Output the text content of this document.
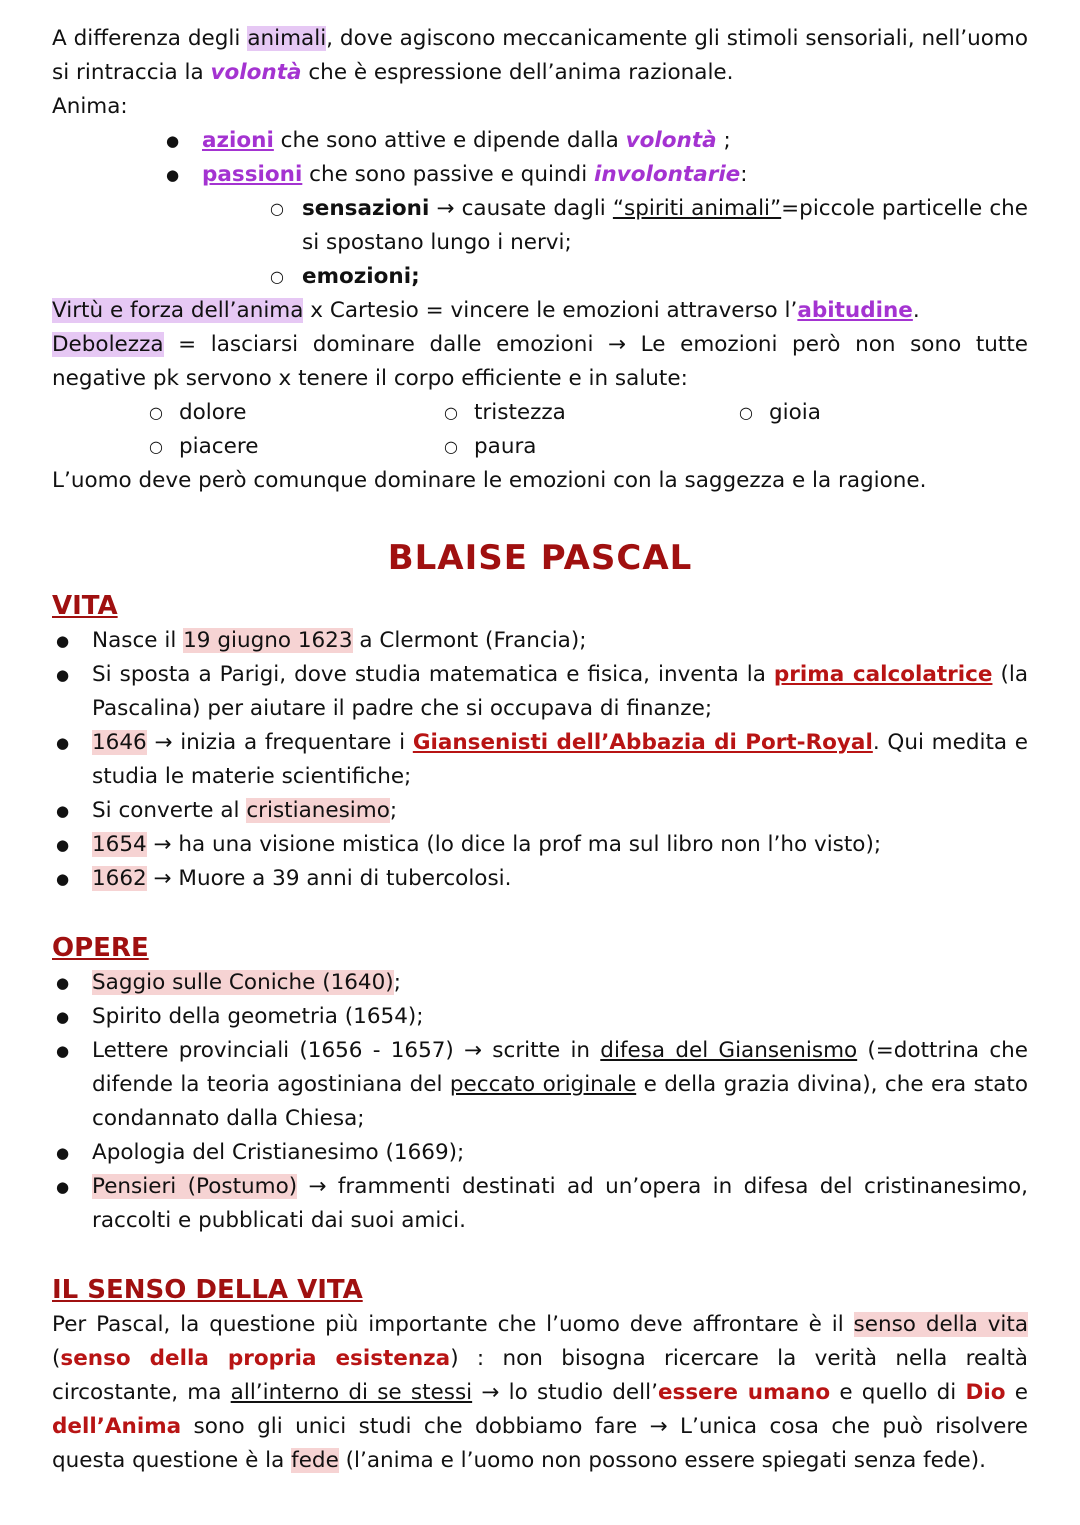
A differenza degli animali, dove agiscono meccanicamente gli stimoli sensoriali, nell’uomo si rintraccia la volontà che è espressione dell’anima razionale.

Anima:

● azioni che sono attive e dipende dalla volontà ;
● passioni che sono passive e quindi involontarie:
○ sensazioni → causate dagli “spiriti animali”=piccole particelle che si spostano lungo i nervi;
○ emozioni;

Virtù e forza dell’anima x Cartesio = vincere le emozioni attraverso l’abitudine.

Debolezza = lasciarsi dominare dalle emozioni → Le emozioni però non sono tutte negative pk servono x tenere il corpo efficiente e in salute:

○ dolore	○ tristezza	○ gioia
○ piacere	○ paura

L’uomo deve però comunque dominare le emozioni con la saggezza e la ragione.

BLAISE PASCAL
VITA
● Nasce il 19 giugno 1623 a Clermont (Francia);
● Si sposta a Parigi, dove studia matematica e fisica, inventa la prima calcolatrice (la Pascalina) per aiutare il padre che si occupava di finanze;
● 1646 → inizia a frequentare i Giansenisti dell’Abbazia di Port-Royal. Qui medita e studia le materie scientifiche;
● Si converte al cristianesimo;
● 1654 → ha una visione mistica (lo dice la prof ma sul libro non l’ho visto);
● 1662 → Muore a 39 anni di tubercolosi.
OPERE
● Saggio sulle Coniche (1640);
● Spirito della geometria (1654);
● Lettere provinciali (1656 - 1657) → scritte in difesa del Giansenismo (=dottrina che difende la teoria agostiniana del peccato originale e della grazia divina), che era stato condannato dalla Chiesa;
● Apologia del Cristianesimo (1669);
● Pensieri (Postumo) → frammenti destinati ad un’opera in difesa del cristinanesimo, raccolti e pubblicati dai suoi amici.
IL SENSO DELLA VITA

Per Pascal, la questione più importante che l’uomo deve affrontare è il senso della vita (senso della propria esistenza) : non bisogna ricercare la verità nella realtà circostante, ma all’interno di se stessi → lo studio dell’essere umano e quello di Dio e dell’Anima sono gli unici studi che dobbiamo fare → L’unica cosa che può risolvere questa questione è la fede (l’anima e l’uomo non possono essere spiegati senza fede).
